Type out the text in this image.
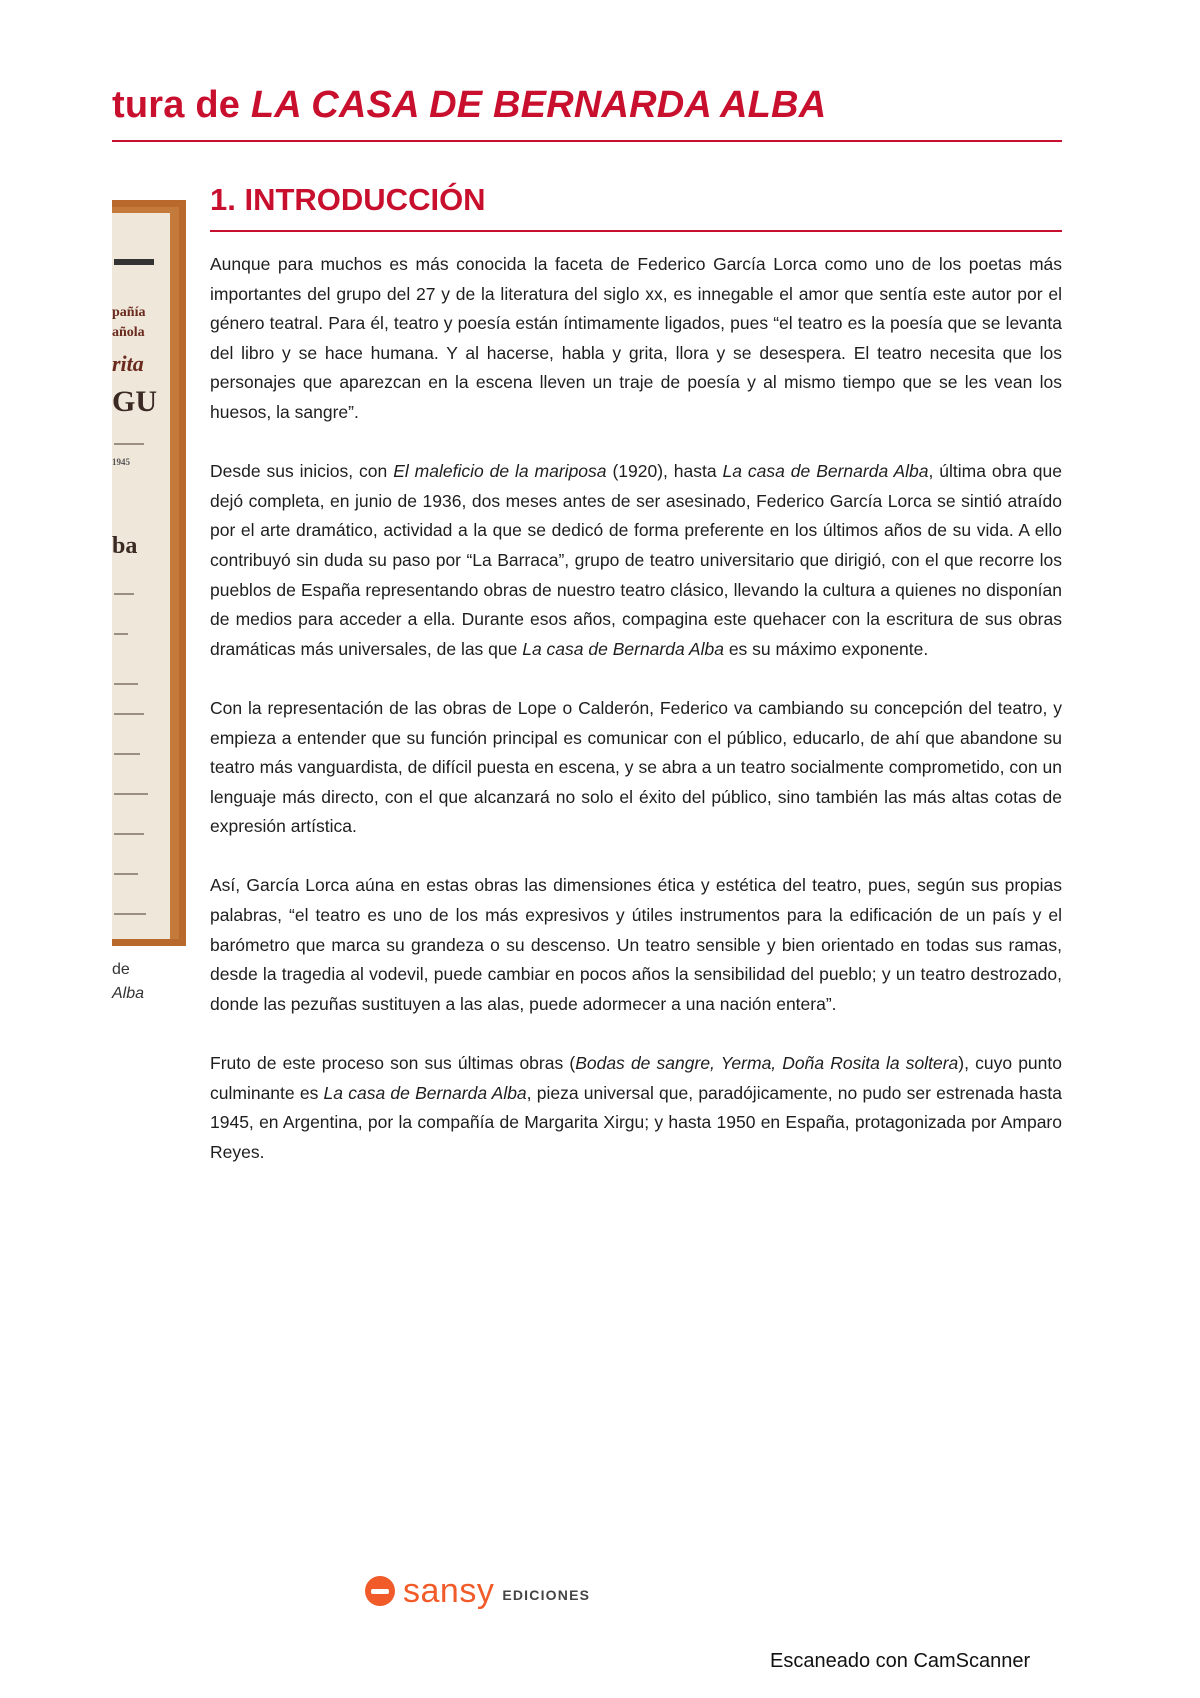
tura de LA CASA DE BERNARDA ALBA
pañía
añola
rita
GU
1945
ba
de
Alba
1. INTRODUCCIÓN

Aunque para muchos es más conocida la faceta de Federico García Lorca como uno de los poetas más importantes del grupo del 27 y de la literatura del siglo xx, es innegable el amor que sentía este autor por el género teatral. Para él, teatro y poesía están íntimamente ligados, pues “el teatro es la poesía que se levanta del libro y se hace humana. Y al hacerse, habla y grita, llora y se desespera. El teatro necesita que los personajes que aparezcan en la escena lleven un traje de poesía y al mismo tiempo que se les vean los huesos, la sangre”.

Desde sus inicios, con El maleficio de la mariposa (1920), hasta La casa de Bernarda Alba, última obra que dejó completa, en junio de 1936, dos meses antes de ser asesinado, Federico García Lorca se sintió atraído por el arte dramático, actividad a la que se dedicó de forma preferente en los últimos años de su vida. A ello contribuyó sin duda su paso por “La Barraca”, grupo de teatro universitario que dirigió, con el que recorre los pueblos de España representando obras de nuestro teatro clásico, llevando la cultura a quienes no disponían de medios para acceder a ella. Durante esos años, compagina este quehacer con la escritura de sus obras dramáticas más universales, de las que La casa de Bernarda Alba es su máximo exponente.

Con la representación de las obras de Lope o Calderón, Federico va cambiando su concepción del teatro, y empieza a entender que su función principal es comunicar con el público, educarlo, de ahí que abandone su teatro más vanguardista, de difícil puesta en escena, y se abra a un teatro socialmente comprometido, con un lenguaje más directo, con el que alcanzará no solo el éxito del público, sino también las más altas cotas de expresión artística.

Así, García Lorca aúna en estas obras las dimensiones ética y estética del teatro, pues, según sus propias palabras, “el teatro es uno de los más expresivos y útiles instrumentos para la edificación de un país y el barómetro que marca su grandeza o su descenso. Un teatro sensible y bien orientado en todas sus ramas, desde la tragedia al vodevil, puede cambiar en pocos años la sensibilidad del pueblo; y un teatro destrozado, donde las pezuñas sustituyen a las alas, puede adormecer a una nación entera”.

Fruto de este proceso son sus últimas obras (Bodas de sangre, Yerma, Doña Rosita la soltera), cuyo punto culminante es La casa de Bernarda Alba, pieza universal que, paradójicamente, no pudo ser estrenada hasta 1945, en Argentina, por la compañía de Margarita Xirgu; y hasta 1950 en España, protagonizada por Amparo Reyes.

sansy EDICIONES
Escaneado con CamScanner
